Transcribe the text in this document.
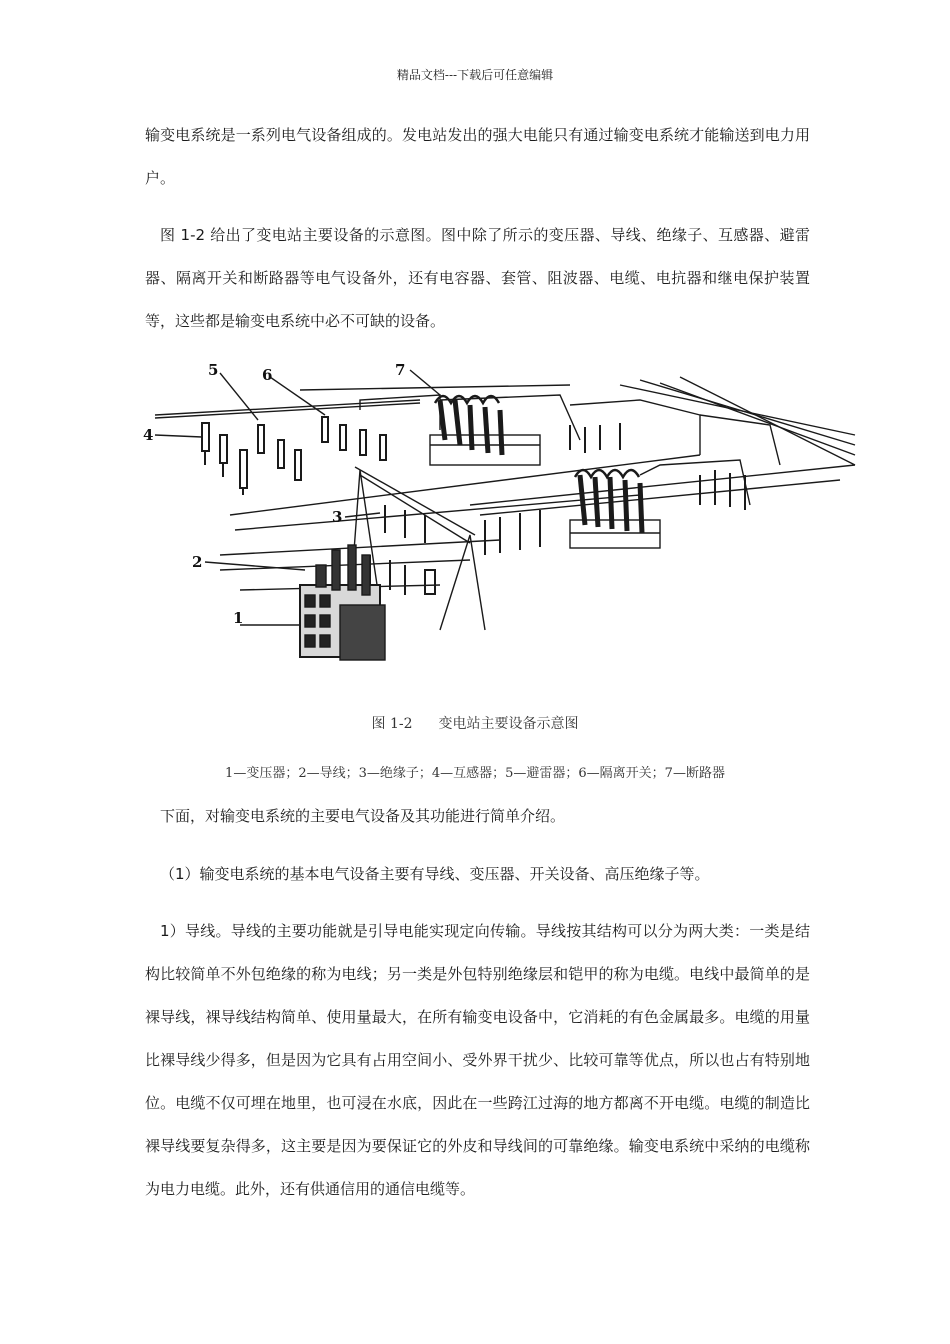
精品文档---下载后可任意编辑

输变电系统是一系列电气设备组成的。发电站发出的强大电能只有通过输变电系统才能输送到电力用户。

图 1-2 给出了变电站主要设备的示意图。图中除了所示的变压器、导线、绝缘子、互感器、避雷器、隔离开关和断路器等电气设备外，还有电容器、套管、阻波器、电缆、电抗器和继电保护装置等，这些都是输变电系统中必不可缺的设备。

1
2
3
4
5	6	7
图 1-2 变电站主要设备示意图
1—变压器；2—导线；3—绝缘子；4—互感器；5—避雷器；6—隔离开关；7—断路器

下面，对输变电系统的主要电气设备及其功能进行简单介绍。

（1）输变电系统的基本电气设备主要有导线、变压器、开关设备、高压绝缘子等。

1）导线。导线的主要功能就是引导电能实现定向传输。导线按其结构可以分为两大类：一类是结构比较简单不外包绝缘的称为电线；另一类是外包特别绝缘层和铠甲的称为电缆。电线中最简单的是裸导线，裸导线结构简单、使用量最大，在所有输变电设备中，它消耗的有色金属最多。电缆的用量比裸导线少得多，但是因为它具有占用空间小、受外界干扰少、比较可靠等优点，所以也占有特别地位。电缆不仅可埋在地里，也可浸在水底，因此在一些跨江过海的地方都离不开电缆。电缆的制造比裸导线要复杂得多，这主要是因为要保证它的外皮和导线间的可靠绝缘。输变电系统中采纳的电缆称为电力电缆。此外，还有供通信用的通信电缆等。
